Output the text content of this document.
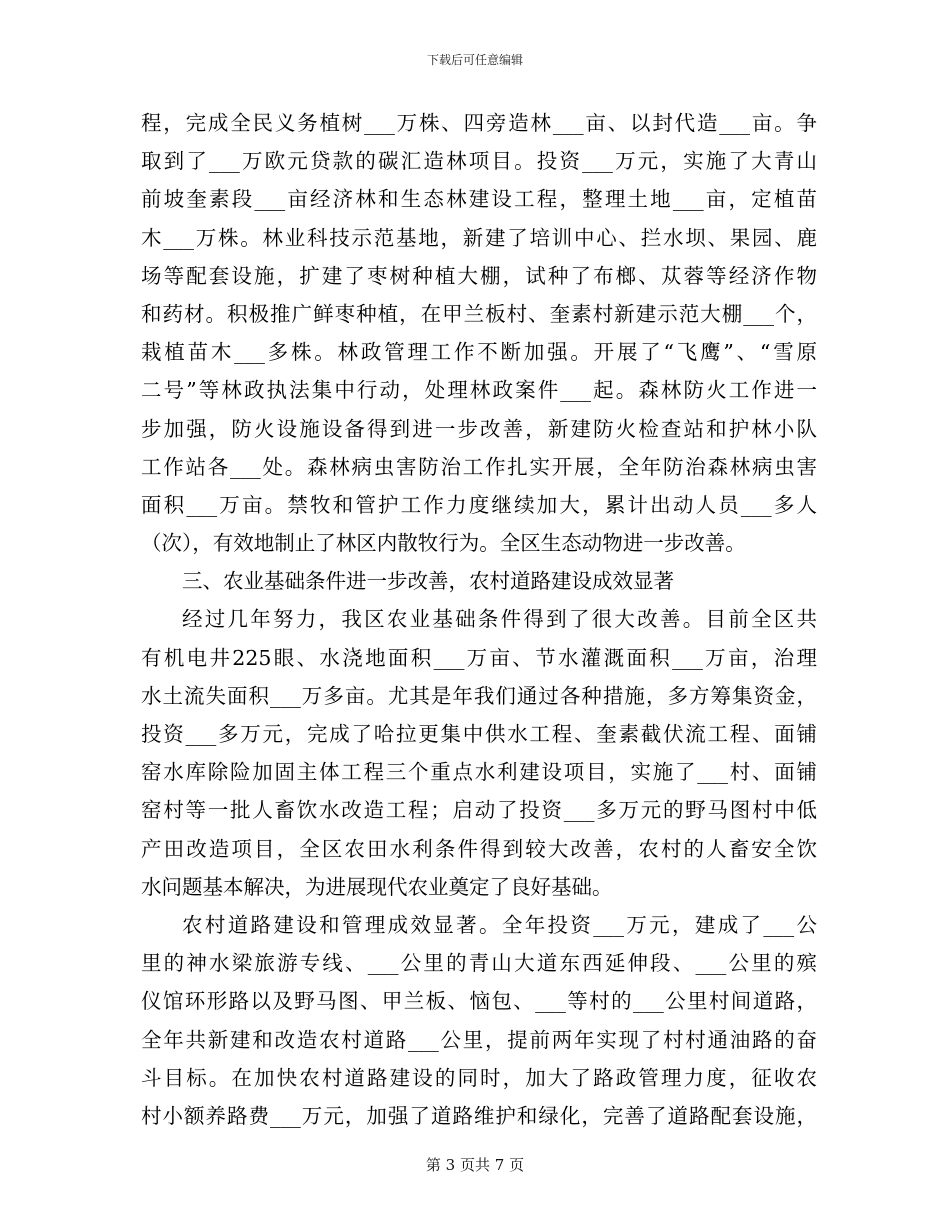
下载后可任意编辑
程，完成全民义务植树___万株、四旁造林___亩、以封代造___亩。争
取到了___万欧元贷款的碳汇造林项目。投资___万元，实施了大青山
前坡奎素段___亩经济林和生态林建设工程，整理土地___亩，定植苗
木___万株。林业科技示范基地，新建了培训中心、拦水坝、果园、鹿
场等配套设施，扩建了枣树种植大棚，试种了布榔、苁蓉等经济作物
和药材。积极推广鲜枣种植，在甲兰板村、奎素村新建示范大棚___个，
栽植苗木___多株。林政管理工作不断加强。开展了“飞鹰”、“雪原
二号”等林政执法集中行动，处理林政案件___起。森林防火工作进一
步加强，防火设施设备得到进一步改善，新建防火检查站和护林小队
工作站各___处。森林病虫害防治工作扎实开展，全年防治森林病虫害
面积___万亩。禁牧和管护工作力度继续加大，累计出动人员___多人
（次），有效地制止了林区内散牧行为。全区生态动物进一步改善。
三、农业基础条件进一步改善，农村道路建设成效显著
经过几年努力，我区农业基础条件得到了很大改善。目前全区共
有机电井225眼、水浇地面积___万亩、节水灌溉面积___万亩，治理
水土流失面积___万多亩。尤其是年我们通过各种措施，多方筹集资金，
投资___多万元，完成了哈拉更集中供水工程、奎素截伏流工程、面铺
窑水库除险加固主体工程三个重点水利建设项目，实施了___村、面铺
窑村等一批人畜饮水改造工程；启动了投资___多万元的野马图村中低
产田改造项目，全区农田水利条件得到较大改善，农村的人畜安全饮
水问题基本解决，为进展现代农业奠定了良好基础。
农村道路建设和管理成效显著。全年投资___万元，建成了___公
里的神水梁旅游专线、___公里的青山大道东西延伸段、___公里的殡
仪馆环形路以及野马图、甲兰板、恼包、___等村的___公里村间道路，
全年共新建和改造农村道路___公里，提前两年实现了村村通油路的奋
斗目标。在加快农村道路建设的同时，加大了路政管理力度，征收农
村小额养路费___万元，加强了道路维护和绿化，完善了道路配套设施，
第 3 页共 7 页
